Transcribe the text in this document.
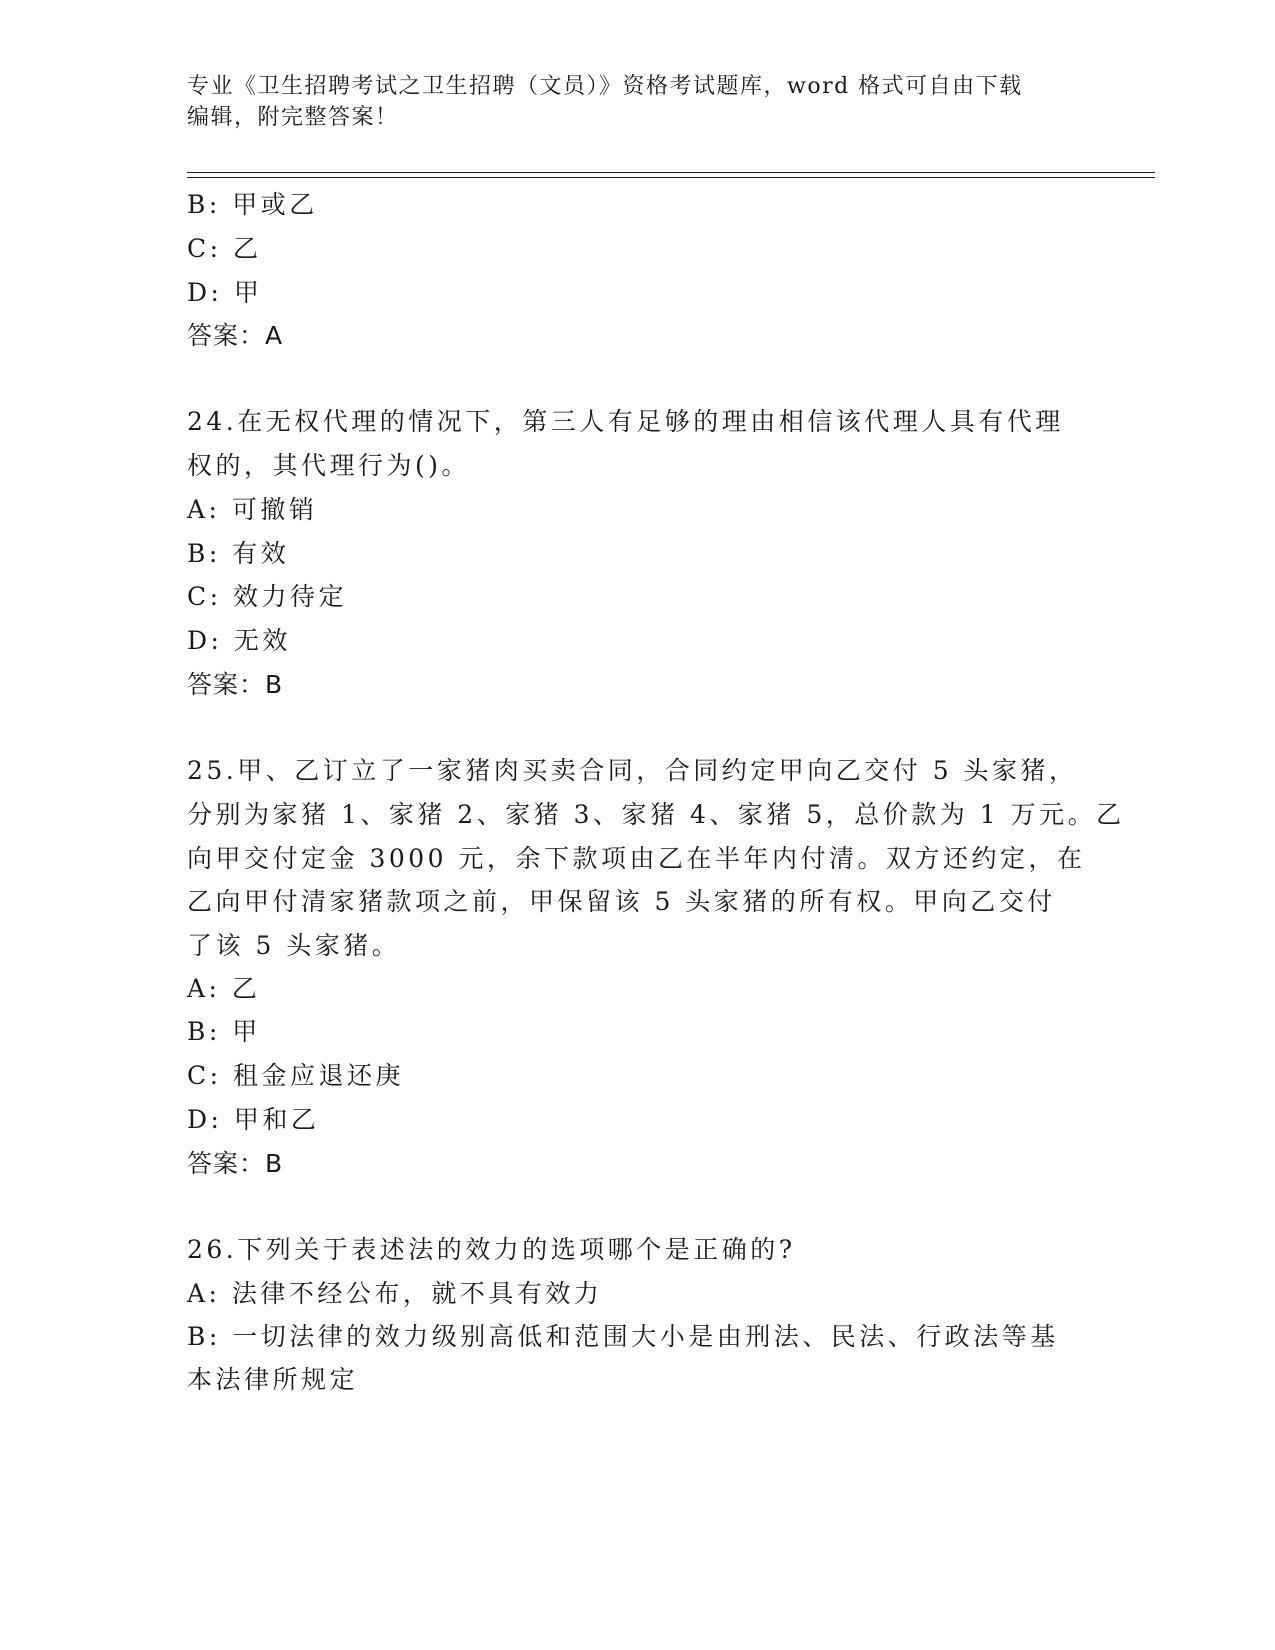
专业《卫生招聘考试之卫生招聘（文员）》资格考试题库，word 格式可自由下载
编辑，附完整答案！
B: 甲或乙
C: 乙
D: 甲
答案：A
24.在无权代理的情况下，第三人有足够的理由相信该代理人具有代理
权的，其代理行为()。
A: 可撤销
B: 有效
C: 效力待定
D: 无效
答案：B
25.甲、乙订立了一家猪肉买卖合同，合同约定甲向乙交付 5 头家猪，
分别为家猪 1、家猪 2、家猪 3、家猪 4、家猪 5，总价款为 1 万元。乙
向甲交付定金 3000 元，余下款项由乙在半年内付清。双方还约定，在
乙向甲付清家猪款项之前，甲保留该 5 头家猪的所有权。甲向乙交付
了该 5 头家猪。
A: 乙
B: 甲
C: 租金应退还庚
D: 甲和乙
答案：B
26.下列关于表述法的效力的选项哪个是正确的?
A: 法律不经公布，就不具有效力
B: 一切法律的效力级别高低和范围大小是由刑法、民法、行政法等基
本法律所规定
